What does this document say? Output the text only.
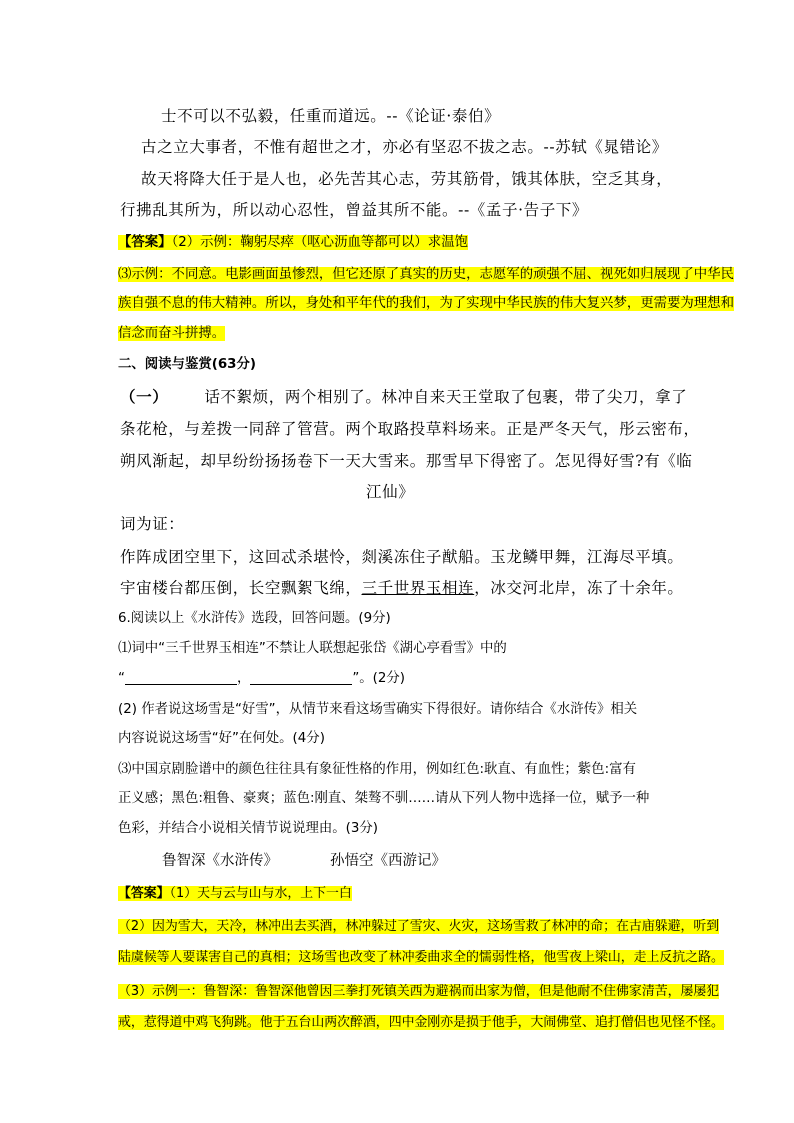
士不可以不弘毅，任重而道远。--《论证·泰伯》
古之立大事者，不惟有超世之才，亦必有坚忍不拔之志。--苏轼《晁错论》
故天将降大任于是人也，必先苦其心志，劳其筋骨，饿其体肤，空乏其身，
行拂乱其所为，所以动心忍性，曾益其所不能。--《孟子·告子下》
【答案】（2）示例：鞠躬尽瘁（呕心沥血等都可以）求温饱
⑶示例：不同意。电影画面虽惨烈，但它还原了真实的历史，志愿军的顽强不屈、视死如归展现了中华民
族自强不息的伟大精神。所以，身处和平年代的我们，为了实现中华民族的伟大复兴梦，更需要为理想和
信念而奋斗拼搏。
二、阅读与鉴赏(63分)
（一） 话不絮烦，两个相别了。林冲自来天王堂取了包裹，带了尖刀，拿了
条花枪，与差拨一同辞了管营。两个取路投草料场来。正是严冬天气，彤云密布，
朔风渐起，却早纷纷扬扬卷下一天大雪来。那雪早下得密了。怎见得好雪?有《临
江仙》
词为证：
作阵成团空里下，这回忒杀堪怜，剡溪冻住子猷船。玉龙鳞甲舞，江海尽平填。
宇宙楼台都压倒，长空飘絮飞绵，三千世界玉相连，冰交河北岸，冻了十余年。
6.阅读以上《水浒传》选段，回答问题。(9分)
⑴词中“三千世界玉相连”不禁让人联想起张岱《湖心亭看雪》中的
“	，	”。(2分)
(2) 作者说这场雪是“好雪”，从情节来看这场雪确实下得很好。请你结合《水浒传》相关
内容说说这场雪“好”在何处。(4分)
⑶中国京剧脸谱中的颜色往往具有象征性格的作用，例如红色:耿直、有血性；紫色:富有
正义感；黑色:粗鲁、豪爽；蓝色:刚直、桀骜不驯……请从下列人物中选择一位，赋予一种
色彩，并结合小说相关情节说说理由。(3分)
鲁智深《水浒传》	孙悟空《西游记》
【答案】（1）天与云与山与水，上下一白
（2）因为雪大，天冷，林冲出去买酒，林冲躲过了雪灾、火灾，这场雪救了林冲的命；在古庙躲避，听到
陆虞候等人要谋害自己的真相；这场雪也改变了林冲委曲求全的懦弱性格，他雪夜上梁山，走上反抗之路。
（3）示例一：鲁智深：鲁智深他曾因三拳打死镇关西为避祸而出家为僧，但是他耐不住佛家清苦，屡屡犯
戒，惹得道中鸡飞狗跳。他于五台山两次醉酒，四中金刚亦是损于他手，大闹佛堂、追打僧侣也见怪不怪。
